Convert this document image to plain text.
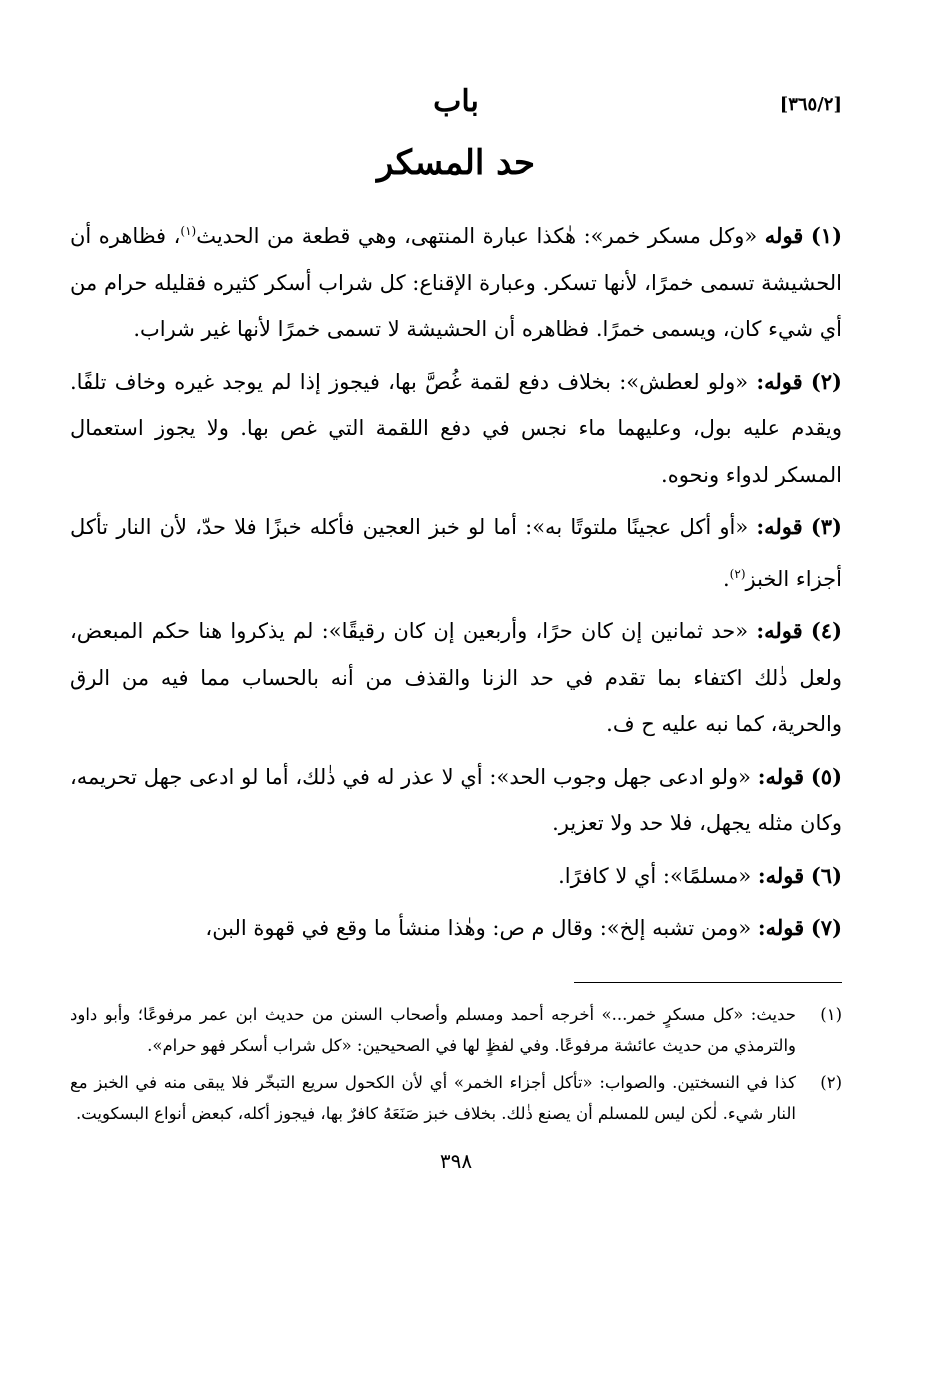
[٣٦٥/٢]
باب
حد المسكر

(١) قوله «وكل مسكر خمر»: هٰكذا عبارة المنتهى، وهي قطعة من الحديث$^{(١)}$، فظاهره أن الحشيشة تسمى خمرًا، لأنها تسكر. وعبارة الإقناع: كل شراب أسكر كثيره فقليله حرام من أي شيء كان، ويسمى خمرًا. فظاهره أن الحشيشة لا تسمى خمرًا لأنها غير شراب.

(٢) قوله: «ولو لعطش»: بخلاف دفع لقمة غُصَّ بها، فيجوز إذا لم يوجد غيره وخاف تلفًا. ويقدم عليه بول، وعليهما ماء نجس في دفع اللقمة التي غص بها. ولا يجوز استعمال المسكر لدواء ونحوه.

(٣) قوله: «أو أكل عجينًا ملتوتًا به»: أما لو خبز العجين فأكله خبزًا فلا حدّ، لأن النار تأكل أجزاء الخبز$^{(٢)}$.

(٤) قوله: «حد ثمانين إن كان حرًا، وأربعين إن كان رقيقًا»: لم يذكروا هنا حكم المبعض، ولعل ذٰلك اكتفاء بما تقدم في حد الزنا والقذف من أنه بالحساب مما فيه من الرق والحرية، كما نبه عليه ح ف.

(٥) قوله: «ولو ادعى جهل وجوب الحد»: أي لا عذر له في ذٰلك، أما لو ادعى جهل تحريمه، وكان مثله يجهل، فلا حد ولا تعزير.

(٦) قوله: «مسلمًا»: أي لا كافرًا.

(٧) قوله: «ومن تشبه إلخ»: وقال م ص: وهٰذا منشأ ما وقع في قهوة البن،

(١)
حديث: «كل مسكرٍ خمر...» أخرجه أحمد ومسلم وأصحاب السنن من حديث ابن عمر مرفوعًا؛ وأبو داود والترمذي من حديث عائشة مرفوعًا. وفي لفظٍ لها في الصحيحين: «كل شراب أسكر فهو حرام».
(٢)
كذا في النسختين. والصواب: «تأكل أجزاء الخمر» أي لأن الكحول سريع التبخّر فلا يبقى منه في الخبز مع النار شيء. لٰكن ليس للمسلم أن يصنع ذٰلك. بخلاف خبز صَنَعَهُ كافرٌ بها، فيجوز أكله، كبعض أنواع البسكويت.
٣٩٨
